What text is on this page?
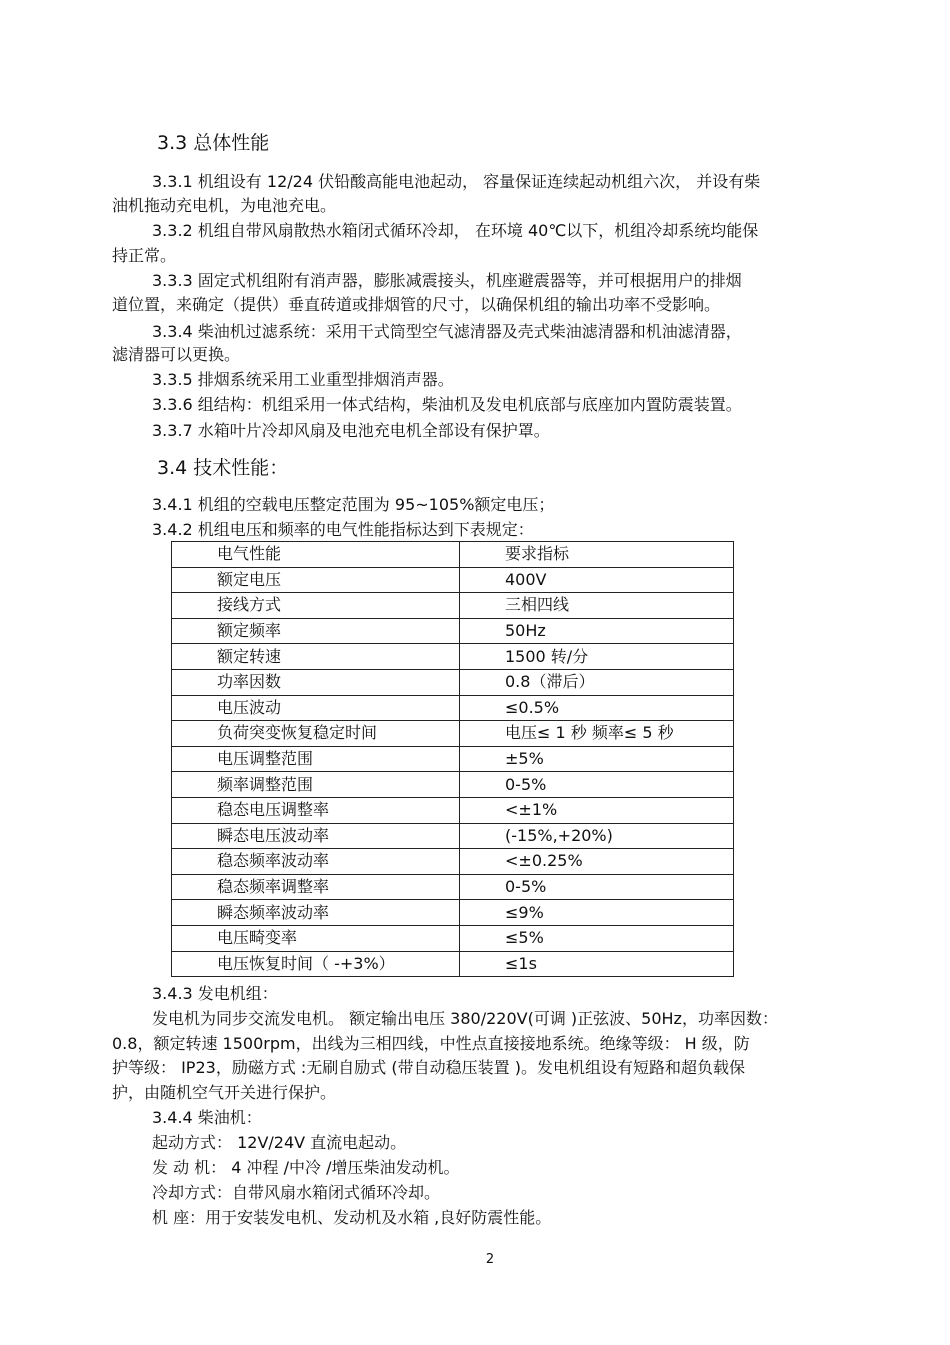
3.3 总体性能
3.3.1 机组设有 12/24 伏铅酸高能电池起动， 容量保证连续起动机组六次， 并设有柴
油机拖动充电机，为电池充电。
3.3.2 机组自带风扇散热水箱闭式循环冷却， 在环境 40℃以下，机组冷却系统均能保
持正常。
3.3.3 固定式机组附有消声器，膨胀减震接头，机座避震器等，并可根据用户的排烟
道位置，来确定（提供）垂直砖道或排烟管的尺寸，以确保机组的输出功率不受影响。
3.3.4 柴油机过滤系统：采用干式筒型空气滤清器及壳式柴油滤清器和机油滤清器，
滤清器可以更换。
3.3.5 排烟系统采用工业重型排烟消声器。
3.3.6 组结构：机组采用一体式结构，柴油机及发电机底部与底座加内置防震装置。
3.3.7 水箱叶片冷却风扇及电池充电机全部设有保护罩。
3.4 技术性能：
3.4.1 机组的空载电压整定范围为 95~105%额定电压；
3.4.2 机组电压和频率的电气性能指标达到下表规定：
电气性能	要求指标
额定电压	400V
接线方式	三相四线
额定频率	50Hz
额定转速	1500 转/分
功率因数	0.8（滞后）
电压波动	≤0.5%
负荷突变恢复稳定时间	电压≤ 1 秒 频率≤ 5 秒
电压调整范围	±5%
频率调整范围	0-5%
稳态电压调整率	<±1%
瞬态电压波动率	(-15%,+20%)
稳态频率波动率	<±0.25%
稳态频率调整率	0-5%
瞬态频率波动率	≤9%
电压畸变率	≤5%
电压恢复时间（ -+3%）	≤1s
3.4.3 发电机组：
发电机为同步交流发电机。 额定输出电压 380/220V(可调 )正弦波、50Hz，功率因数：
0.8，额定转速 1500rpm，出线为三相四线，中性点直接接地系统。绝缘等级： H 级，防
护等级： IP23，励磁方式 :无刷自励式 (带自动稳压装置 )。发电机组设有短路和超负载保
护，由随机空气开关进行保护。
3.4.4 柴油机：
起动方式： 12V/24V 直流电起动。
发 动 机： 4 冲程 /中冷 /增压柴油发动机。
冷却方式：自带风扇水箱闭式循环冷却。
机 座：用于安装发电机、发动机及水箱 ,良好防震性能。
2
